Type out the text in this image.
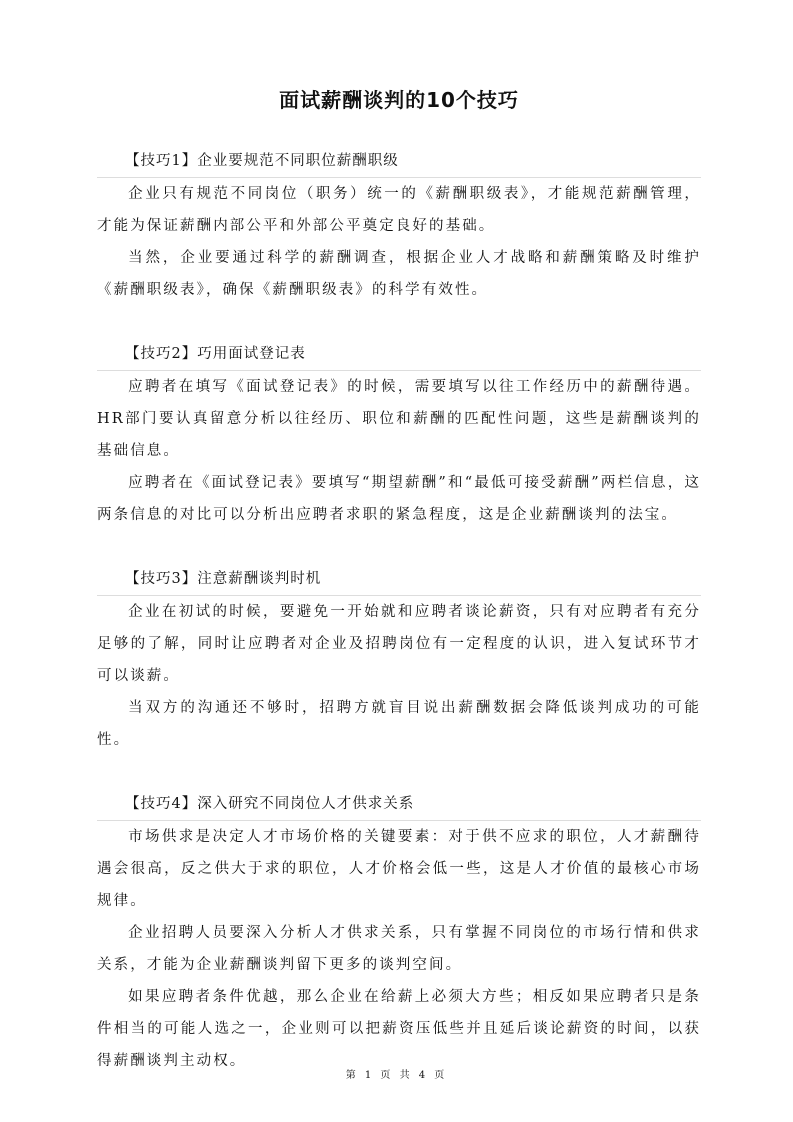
面试薪酬谈判的10个技巧
【技巧1】企业要规范不同职位薪酬职级

企业只有规范不同岗位（职务）统一的《薪酬职级表》，才能规范薪酬管理，才能为保证薪酬内部公平和外部公平奠定良好的基础。

当然，企业要通过科学的薪酬调查，根据企业人才战略和薪酬策略及时维护《薪酬职级表》，确保《薪酬职级表》的科学有效性。

【技巧2】巧用面试登记表

应聘者在填写《面试登记表》的时候，需要填写以往工作经历中的薪酬待遇。HR部门要认真留意分析以往经历、职位和薪酬的匹配性问题，这些是薪酬谈判的基础信息。

应聘者在《面试登记表》要填写“期望薪酬”和“最低可接受薪酬”两栏信息，这两条信息的对比可以分析出应聘者求职的紧急程度，这是企业薪酬谈判的法宝。

【技巧3】注意薪酬谈判时机

企业在初试的时候，要避免一开始就和应聘者谈论薪资，只有对应聘者有充分足够的了解，同时让应聘者对企业及招聘岗位有一定程度的认识，进入复试环节才可以谈薪。

当双方的沟通还不够时，招聘方就盲目说出薪酬数据会降低谈判成功的可能性。

【技巧4】深入研究不同岗位人才供求关系

市场供求是决定人才市场价格的关键要素：对于供不应求的职位，人才薪酬待遇会很高，反之供大于求的职位，人才价格会低一些，这是人才价值的最核心市场规律。

企业招聘人员要深入分析人才供求关系，只有掌握不同岗位的市场行情和供求关系，才能为企业薪酬谈判留下更多的谈判空间。

如果应聘者条件优越，那么企业在给薪上必须大方些；相反如果应聘者只是条件相当的可能人选之一，企业则可以把薪资压低些并且延后谈论薪资的时间，以获得薪酬谈判主动权。

第 1 页 共 4 页
